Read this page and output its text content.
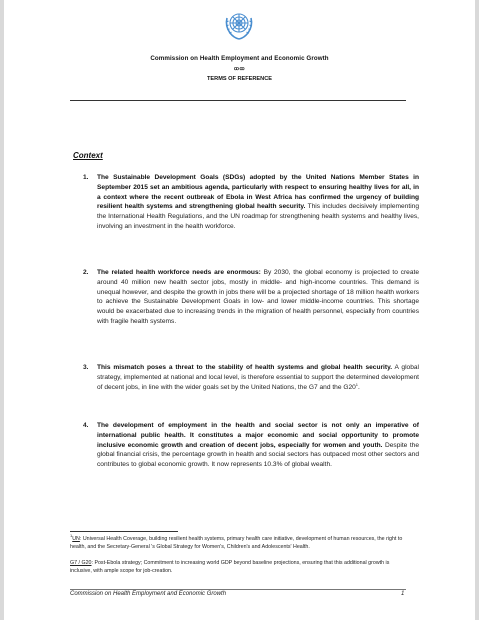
Commission on Health Employment and Economic Growth
ꝏꝏ
TERMS OF REFERENCE
Context
1. The Sustainable Development Goals (SDGs) adopted by the United Nations Member States in September 2015 set an ambitious agenda, particularly with respect to ensuring healthy lives for all, in a context where the recent outbreak of Ebola in West Africa has confirmed the urgency of building resilient health systems and strengthening global health security. This includes decisively implementing the International Health Regulations, and the UN roadmap for strengthening health systems and healthy lives, involving an investment in the health workforce.
2. The related health workforce needs are enormous: By 2030, the global economy is projected to create around 40 million new health sector jobs, mostly in middle- and high-income countries. This demand is unequal however, and despite the growth in jobs there will be a projected shortage of 18 million health workers to achieve the Sustainable Development Goals in low- and lower middle-income countries. This shortage would be exacerbated due to increasing trends in the migration of health personnel, especially from countries with fragile health systems.
3. This mismatch poses a threat to the stability of health systems and global health security. A global strategy, implemented at national and local level, is therefore essential to support the determined development of decent jobs, in line with the wider goals set by the United Nations, the G7 and the $G20^1$.
4. The development of employment in the health and social sector is not only an imperative of international public health. It constitutes a major economic and social opportunity to promote inclusive economic growth and creation of decent jobs, especially for women and youth. Despite the global financial crisis, the percentage growth in health and social sectors has outpaced most other sectors and contributes to global economic growth. It now represents 10.3% of global wealth.
$^1$UN: Universal Health Coverage, building resilient health systems, primary health care initiative, development of human resources, the right to health, and the Secretary-General 's Global Strategy for Women's, Children's and Adolescents' Health.
G7 / G20: Post-Ebola strategy; Commitment to increasing world GDP beyond baseline projections, ensuring that this additional growth is inclusive, with ample scope for job-creation.
Commission on Health Employment and Economic Growth	1
